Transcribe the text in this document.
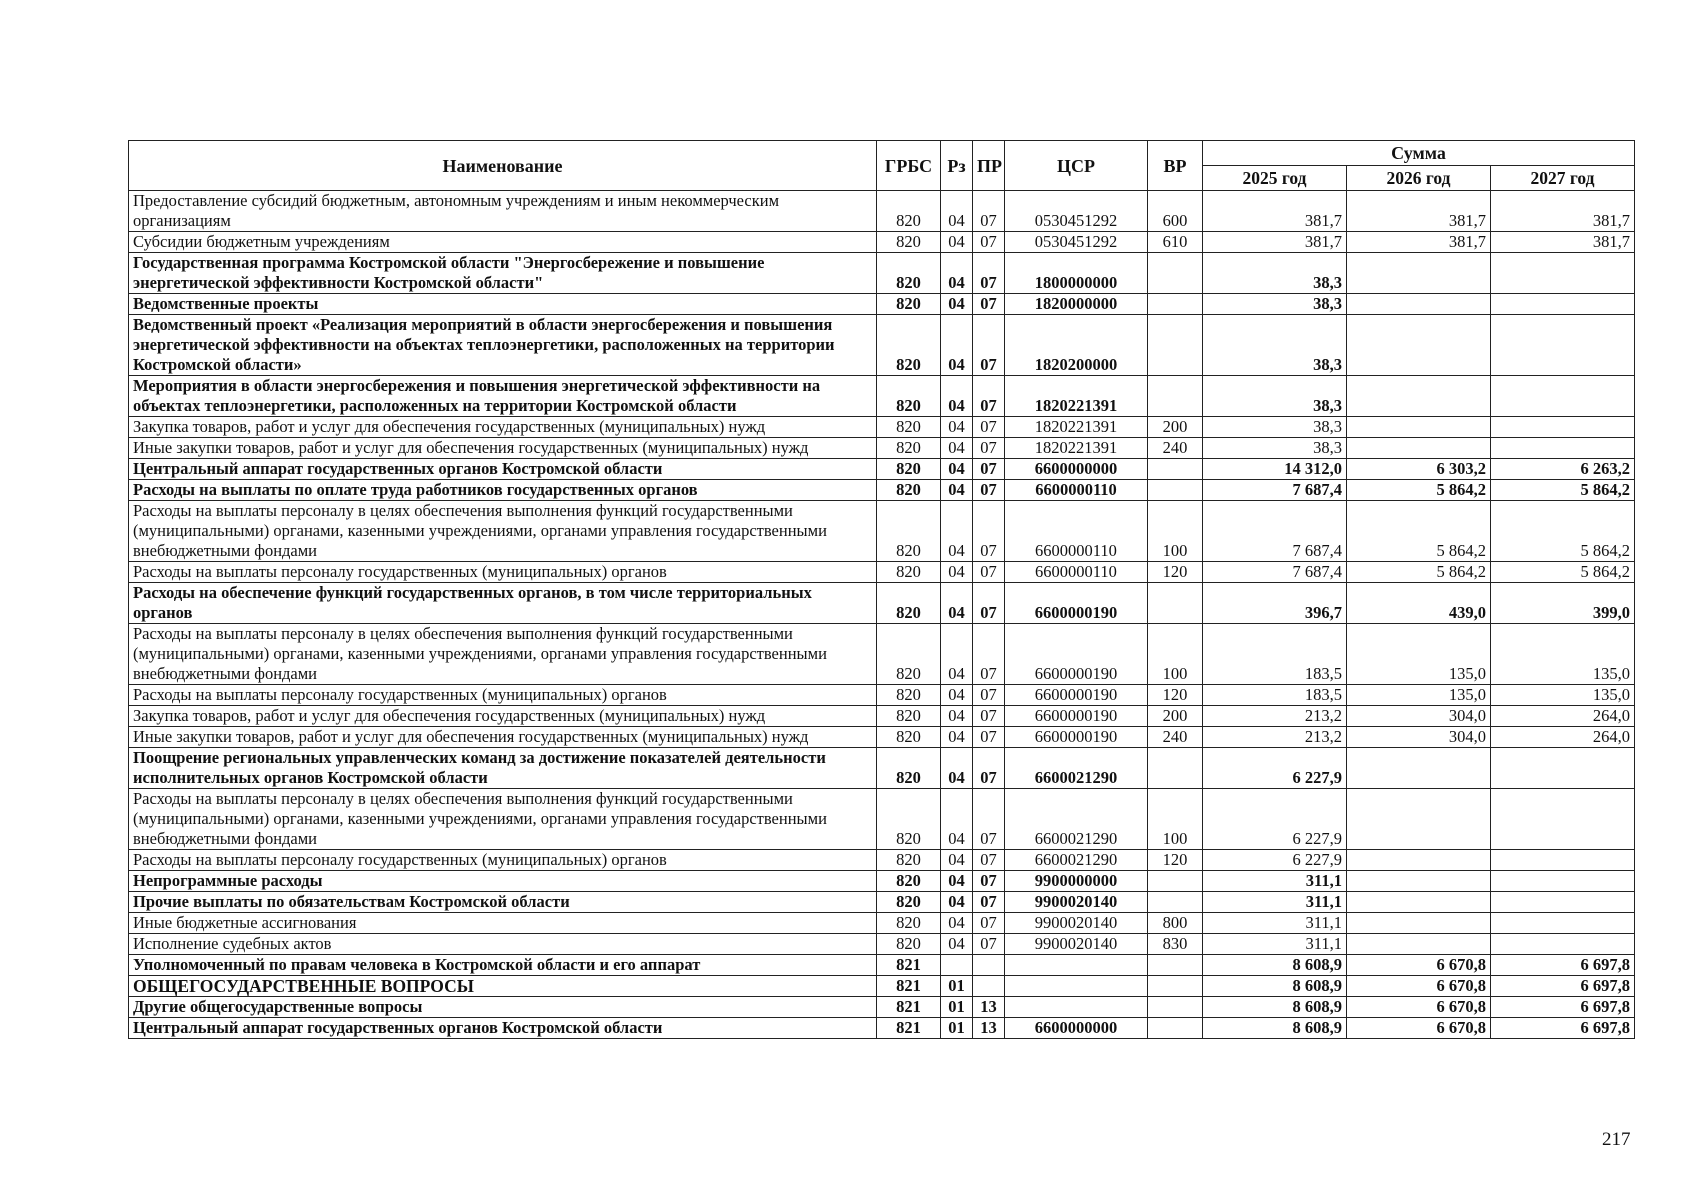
Наименование	ГРБС	Рз	ПР	ЦСР	ВР	Сумма		
						2025 год	2026 год	2027 год
Предоставление субсидий бюджетным, автономным учреждениям и иным некоммерческим организациям	820	04	07	0530451292	600	381,7	381,7	381,7
Субсидии бюджетным учреждениям	820	04	07	0530451292	610	381,7	381,7	381,7
Государственная программа Костромской области "Энергосбережение и повышение энергетической эффективности Костромской области"	820	04	07	1800000000		38,3		
Ведомственные проекты	820	04	07	1820000000		38,3		
Ведомственный проект «Реализация мероприятий в области энергосбережения и повышения энергетической эффективности на объектах теплоэнергетики, расположенных на территории Костромской области»	820	04	07	1820200000		38,3		
Мероприятия в области энергосбережения и повышения энергетической эффективности на объектах теплоэнергетики, расположенных на территории Костромской области	820	04	07	1820221391		38,3		
Закупка товаров, работ и услуг для обеспечения государственных (муниципальных) нужд	820	04	07	1820221391	200	38,3		
Иные закупки товаров, работ и услуг для обеспечения государственных (муниципальных) нужд	820	04	07	1820221391	240	38,3		
Центральный аппарат государственных органов Костромской области	820	04	07	6600000000		14 312,0	6 303,2	6 263,2
Расходы на выплаты по оплате труда работников государственных органов	820	04	07	6600000110		7 687,4	5 864,2	5 864,2
Расходы на выплаты персоналу в целях обеспечения выполнения функций государственными (муниципальными) органами, казенными учреждениями, органами управления государственными внебюджетными фондами	820	04	07	6600000110	100	7 687,4	5 864,2	5 864,2
Расходы на выплаты персоналу государственных (муниципальных) органов	820	04	07	6600000110	120	7 687,4	5 864,2	5 864,2
Расходы на обеспечение функций государственных органов, в том числе территориальных органов	820	04	07	6600000190		396,7	439,0	399,0
Расходы на выплаты персоналу в целях обеспечения выполнения функций государственными (муниципальными) органами, казенными учреждениями, органами управления государственными внебюджетными фондами	820	04	07	6600000190	100	183,5	135,0	135,0
Расходы на выплаты персоналу государственных (муниципальных) органов	820	04	07	6600000190	120	183,5	135,0	135,0
Закупка товаров, работ и услуг для обеспечения государственных (муниципальных) нужд	820	04	07	6600000190	200	213,2	304,0	264,0
Иные закупки товаров, работ и услуг для обеспечения государственных (муниципальных) нужд	820	04	07	6600000190	240	213,2	304,0	264,0
Поощрение региональных управленческих команд за достижение показателей деятельности исполнительных органов Костромской области	820	04	07	6600021290		6 227,9		
Расходы на выплаты персоналу в целях обеспечения выполнения функций государственными (муниципальными) органами, казенными учреждениями, органами управления государственными внебюджетными фондами	820	04	07	6600021290	100	6 227,9		
Расходы на выплаты персоналу государственных (муниципальных) органов	820	04	07	6600021290	120	6 227,9		
Непрограммные расходы	820	04	07	9900000000		311,1		
Прочие выплаты по обязательствам Костромской области	820	04	07	9900020140		311,1		
Иные бюджетные ассигнования	820	04	07	9900020140	800	311,1		
Исполнение судебных актов	820	04	07	9900020140	830	311,1		
Уполномоченный по правам человека в Костромской области и его аппарат	821					8 608,9	6 670,8	6 697,8
ОБЩЕГОСУДАРСТВЕННЫЕ ВОПРОСЫ	821	01				8 608,9	6 670,8	6 697,8
Другие общегосударственные вопросы	821	01	13			8 608,9	6 670,8	6 697,8
Центральный аппарат государственных органов Костромской области	821	01	13	6600000000		8 608,9	6 670,8	6 697,8
217
